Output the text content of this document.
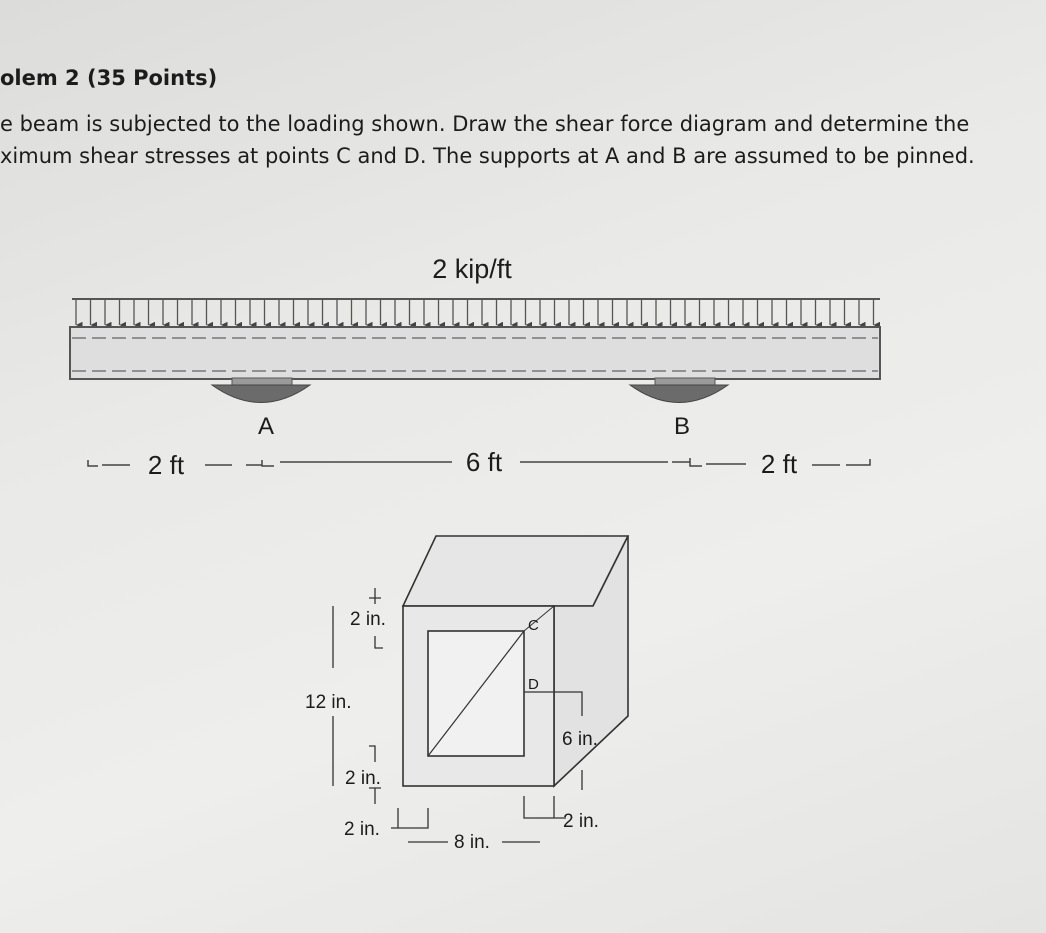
olem 2 (35 Points)
e beam is subjected to the loading shown. Draw the shear force diagram and determine the
ximum shear stresses at points C and D. The supports at A and B are assumed to be pinned.
2 kip/ft
A	B
2 ft	6 ft	2 ft
C
D
2 in.
12 in.
2 in.
2 in.
8 in.
2 in.
6 in.
